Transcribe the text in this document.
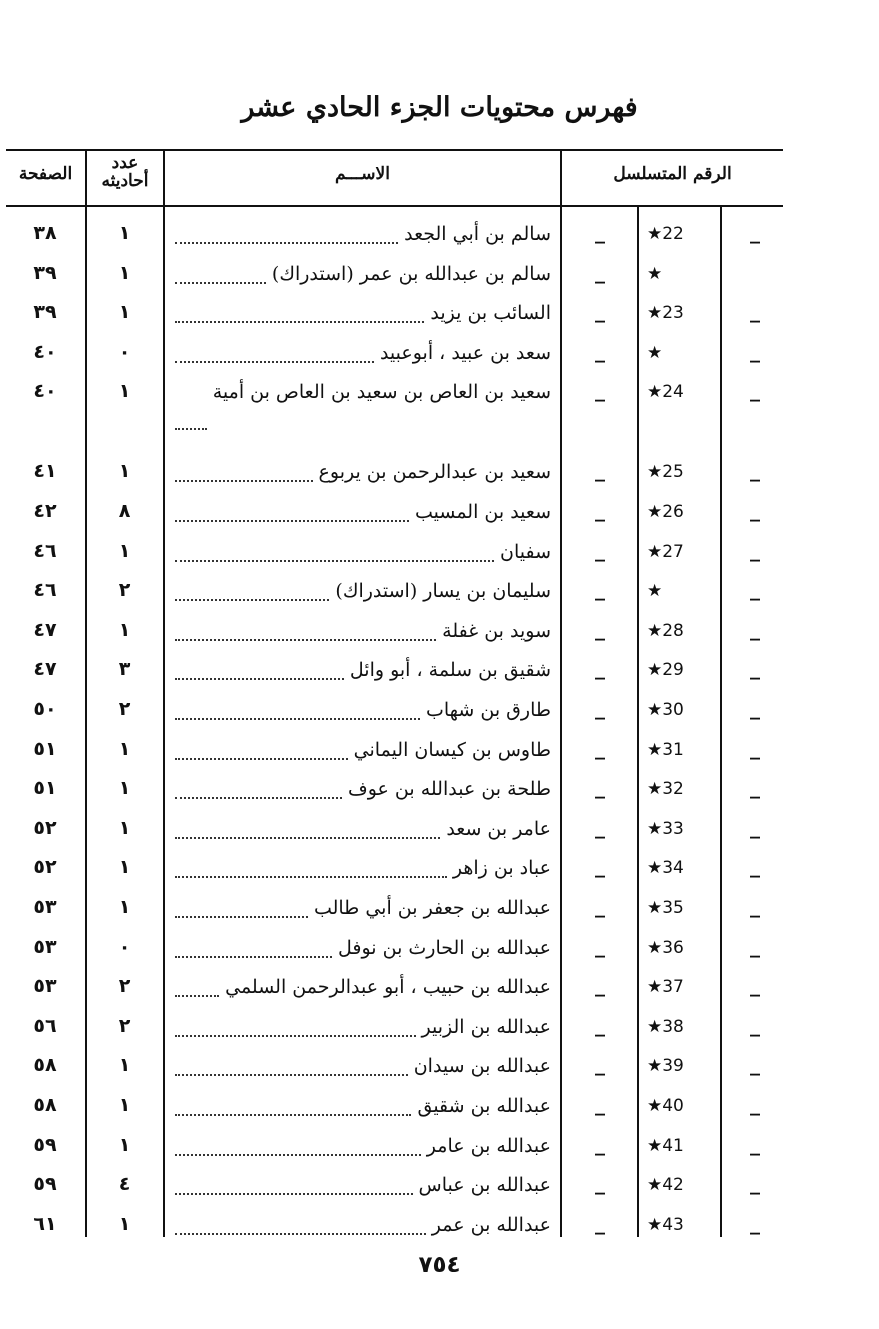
فهرس محتويات الجزء الحادي عشر
الصفحة
عدد أحاديثه	الاســـم	الرقم المتسلسل
٣٨	١	سالم بن أبي الجعد _ ★22	_
٣٩	١	سالم بن عبدالله بن عمر (استدراك) _ ★
٣٩	١	السائب بن يزيد _ ★23	_
٤٠	٠	سعد بن عبيد ، أبوعبيد _ ★	_
٤٠	١	سعيد بن العاص بن سعيد بن العاص بن أمية _ ★24	_
٤١	١	سعيد بن عبدالرحمن بن يربوع _ ★25	_
٤٢	٨	سعيد بن المسيب _ ★26	_
٤٦	١	سفيان _ ★27	_
٤٦	٢	سليمان بن يسار (استدراك) _ ★	_
٤٧	١	سويد بن غفلة _ ★28	_
٤٧	٣	شقيق بن سلمة ، أبو وائل _ ★29	_
٥٠	٢	طارق بن شهاب _ ★30	_
٥١	١	طاوس بن كيسان اليماني _ ★31	_
٥١	١	طلحة بن عبدالله بن عوف _ ★32	_
٥٢	١	عامر بن سعد _ ★33	_
٥٢	١	عباد بن زاهر _ ★34	_
٥٣	١	عبدالله بن جعفر بن أبي طالب _ ★35	_
٥٣	٠	عبدالله بن الحارث بن نوفل _ ★36	_
٥٣	٢	عبدالله بن حبيب ، أبو عبدالرحمن السلمي _ ★37	_
٥٦	٢	عبدالله بن الزبير _ ★38	_
٥٨	١	عبدالله بن سيدان _ ★39	_
٥٨	١	عبدالله بن شقيق _ ★40	_
٥٩	١	عبدالله بن عامر _ ★41	_
٥٩	٤	عبدالله بن عباس _ ★42	_
٦١	١	عبدالله بن عمر _ ★43	_
٧٥٤
